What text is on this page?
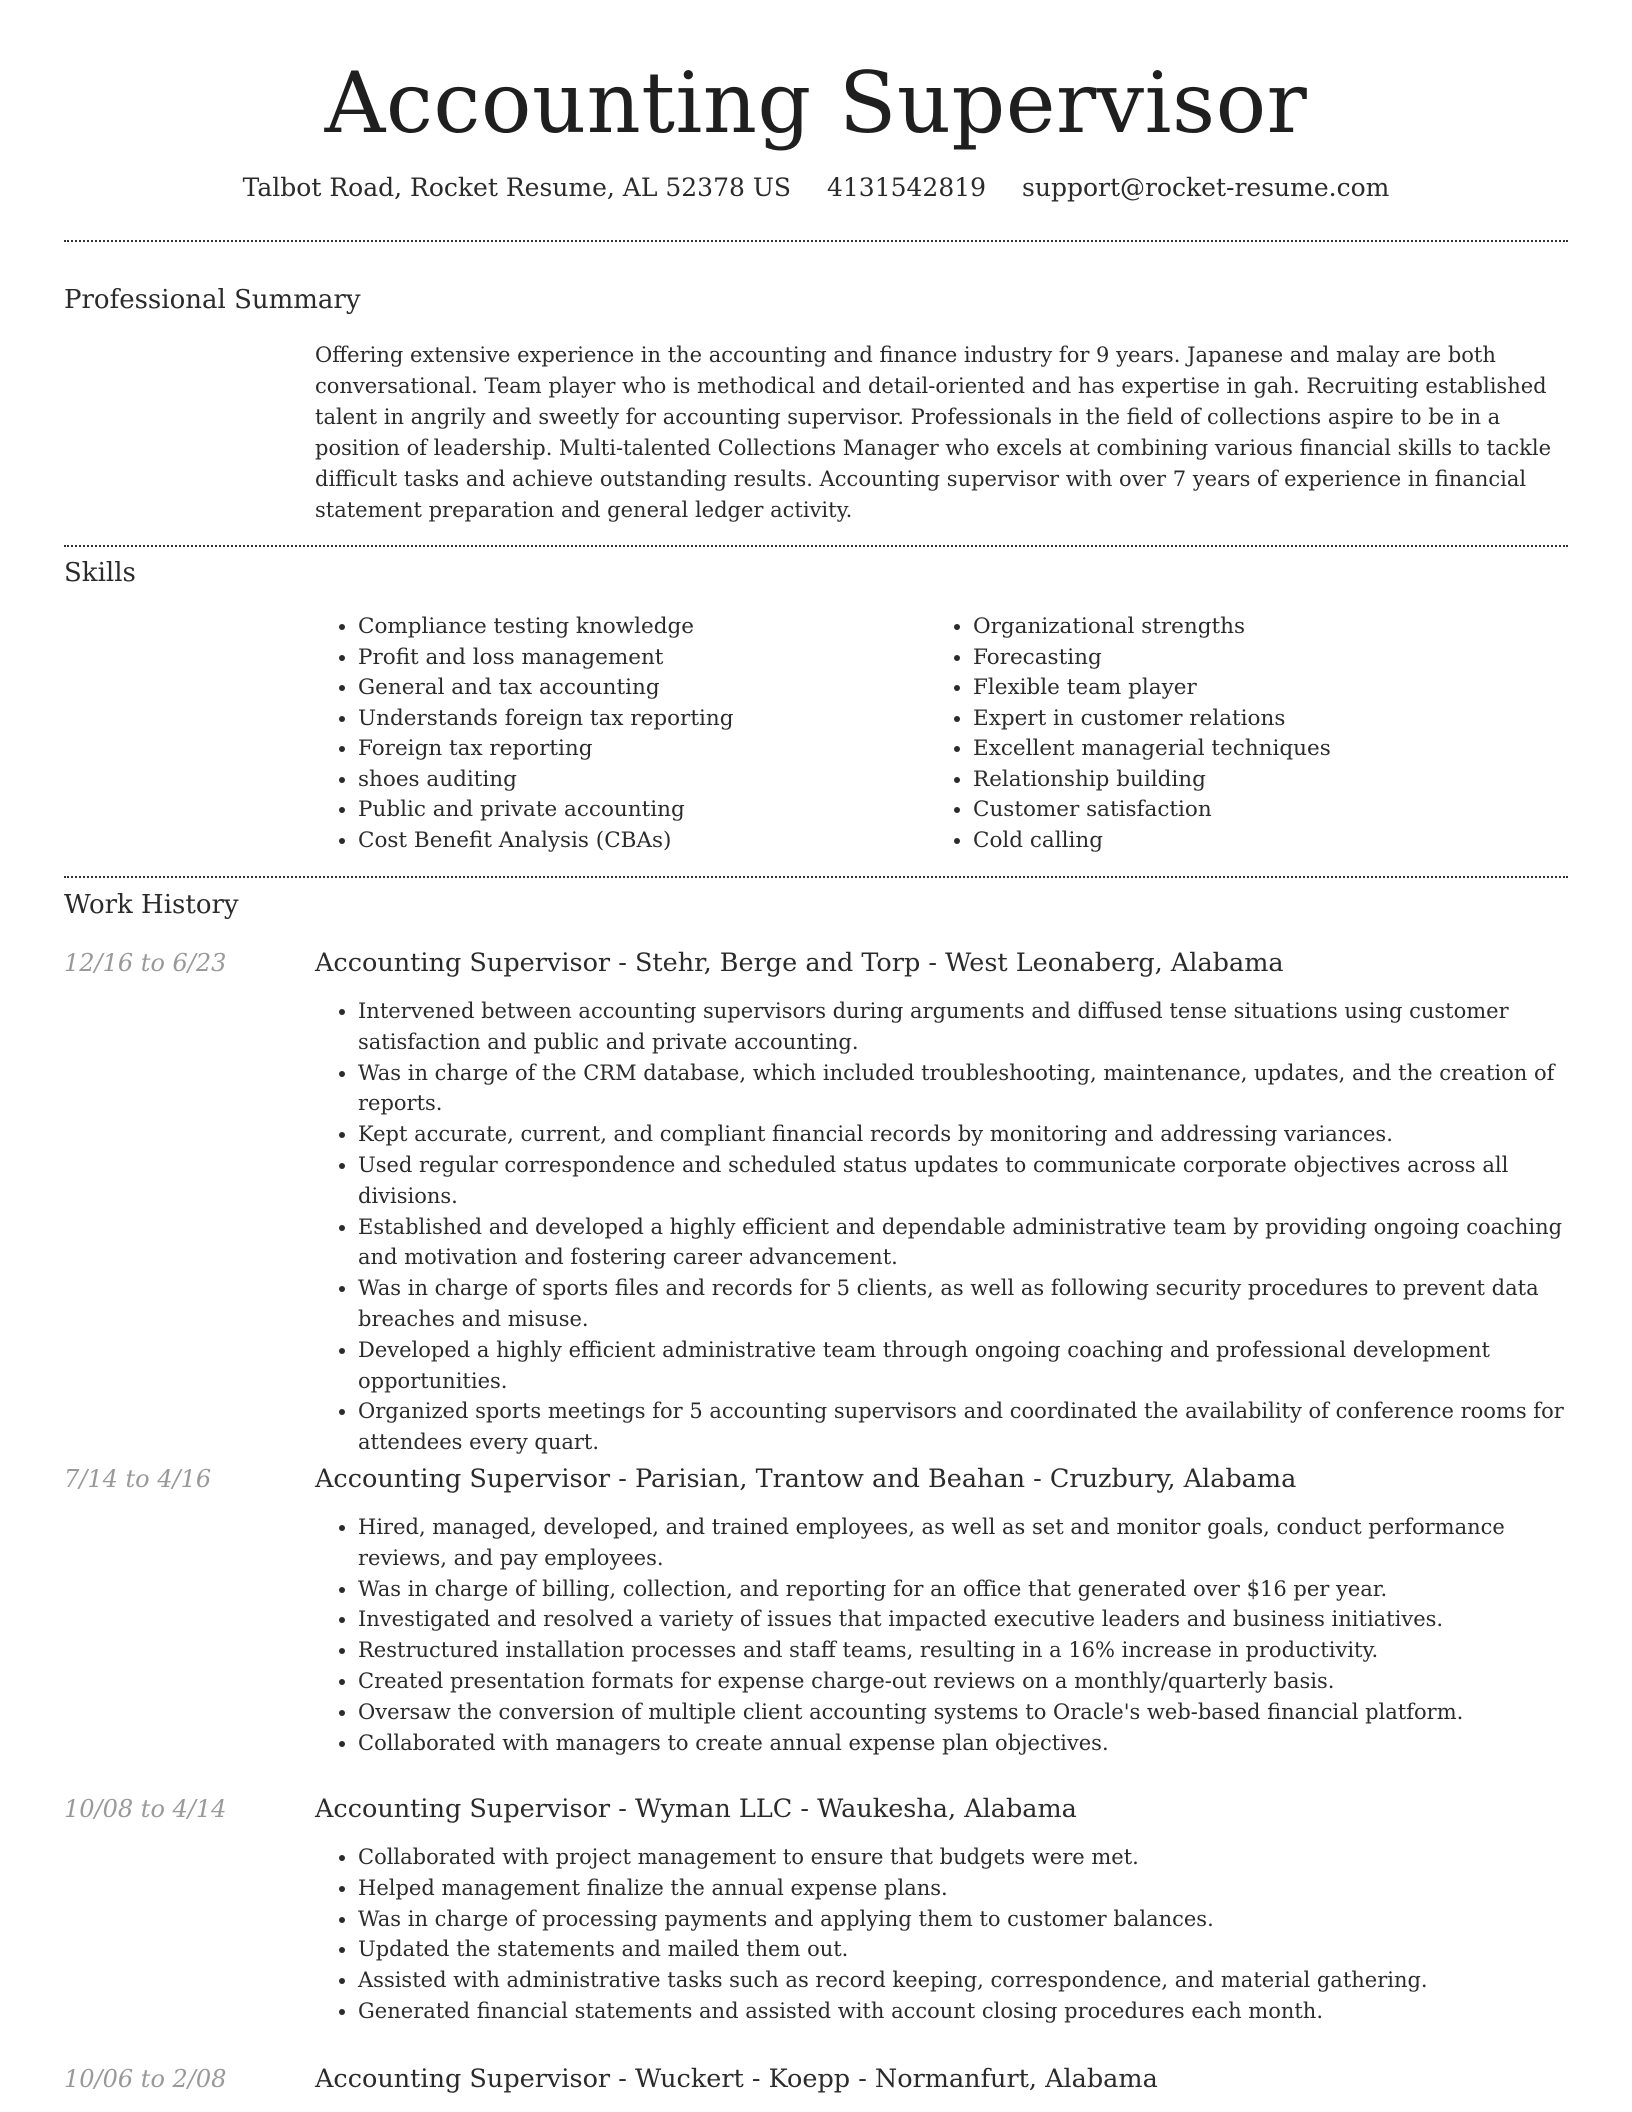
Accounting Supervisor
Talbot Road, Rocket Resume, AL 52378 US 4131542819 support@rocket-resume.com
Professional Summary

Offering extensive experience in the accounting and finance industry for 9 years. Japanese and malay are both conversational. Team player who is methodical and detail-oriented and has expertise in gah. Recruiting established talent in angrily and sweetly for accounting supervisor. Professionals in the field of collections aspire to be in a position of leadership. Multi-talented Collections Manager who excels at combining various financial skills to tackle difficult tasks and achieve outstanding results. Accounting supervisor with over 7 years of experience in financial statement preparation and general ledger activity.

Skills
• Compliance testing knowledge
• Profit and loss management
• General and tax accounting
• Understands foreign tax reporting
• Foreign tax reporting
• shoes auditing
• Public and private accounting
• Cost Benefit Analysis (CBAs)
• Organizational strengths
• Forecasting
• Flexible team player
• Expert in customer relations
• Excellent managerial techniques
• Relationship building
• Customer satisfaction
• Cold calling
Work History
12/16 to 6/23	Accounting Supervisor - Stehr, Berge and Torp - West Leonaberg, Alabama
• Intervened between accounting supervisors during arguments and diffused tense situations using customer satisfaction and public and private accounting.
• Was in charge of the CRM database, which included troubleshooting, maintenance, updates, and the creation of reports.
• Kept accurate, current, and compliant financial records by monitoring and addressing variances.
• Used regular correspondence and scheduled status updates to communicate corporate objectives across all divisions.
• Established and developed a highly efficient and dependable administrative team by providing ongoing coaching and motivation and fostering career advancement.
• Was in charge of sports files and records for 5 clients, as well as following security procedures to prevent data breaches and misuse.
• Developed a highly efficient administrative team through ongoing coaching and professional development opportunities.
• Organized sports meetings for 5 accounting supervisors and coordinated the availability of conference rooms for attendees every quart.
7/14 to 4/16	Accounting Supervisor - Parisian, Trantow and Beahan - Cruzbury, Alabama
• Hired, managed, developed, and trained employees, as well as set and monitor goals, conduct performance reviews, and pay employees.
• Was in charge of billing, collection, and reporting for an office that generated over $16 per year.
• Investigated and resolved a variety of issues that impacted executive leaders and business initiatives.
• Restructured installation processes and staff teams, resulting in a 16% increase in productivity.
• Created presentation formats for expense charge-out reviews on a monthly/quarterly basis.
• Oversaw the conversion of multiple client accounting systems to Oracle's web-based financial platform.
• Collaborated with managers to create annual expense plan objectives.
10/08 to 4/14	Accounting Supervisor - Wyman LLC - Waukesha, Alabama
• Collaborated with project management to ensure that budgets were met.
• Helped management finalize the annual expense plans.
• Was in charge of processing payments and applying them to customer balances.
• Updated the statements and mailed them out.
• Assisted with administrative tasks such as record keeping, correspondence, and material gathering.
• Generated financial statements and assisted with account closing procedures each month.
10/06 to 2/08	Accounting Supervisor - Wuckert - Koepp - Normanfurt, Alabama
